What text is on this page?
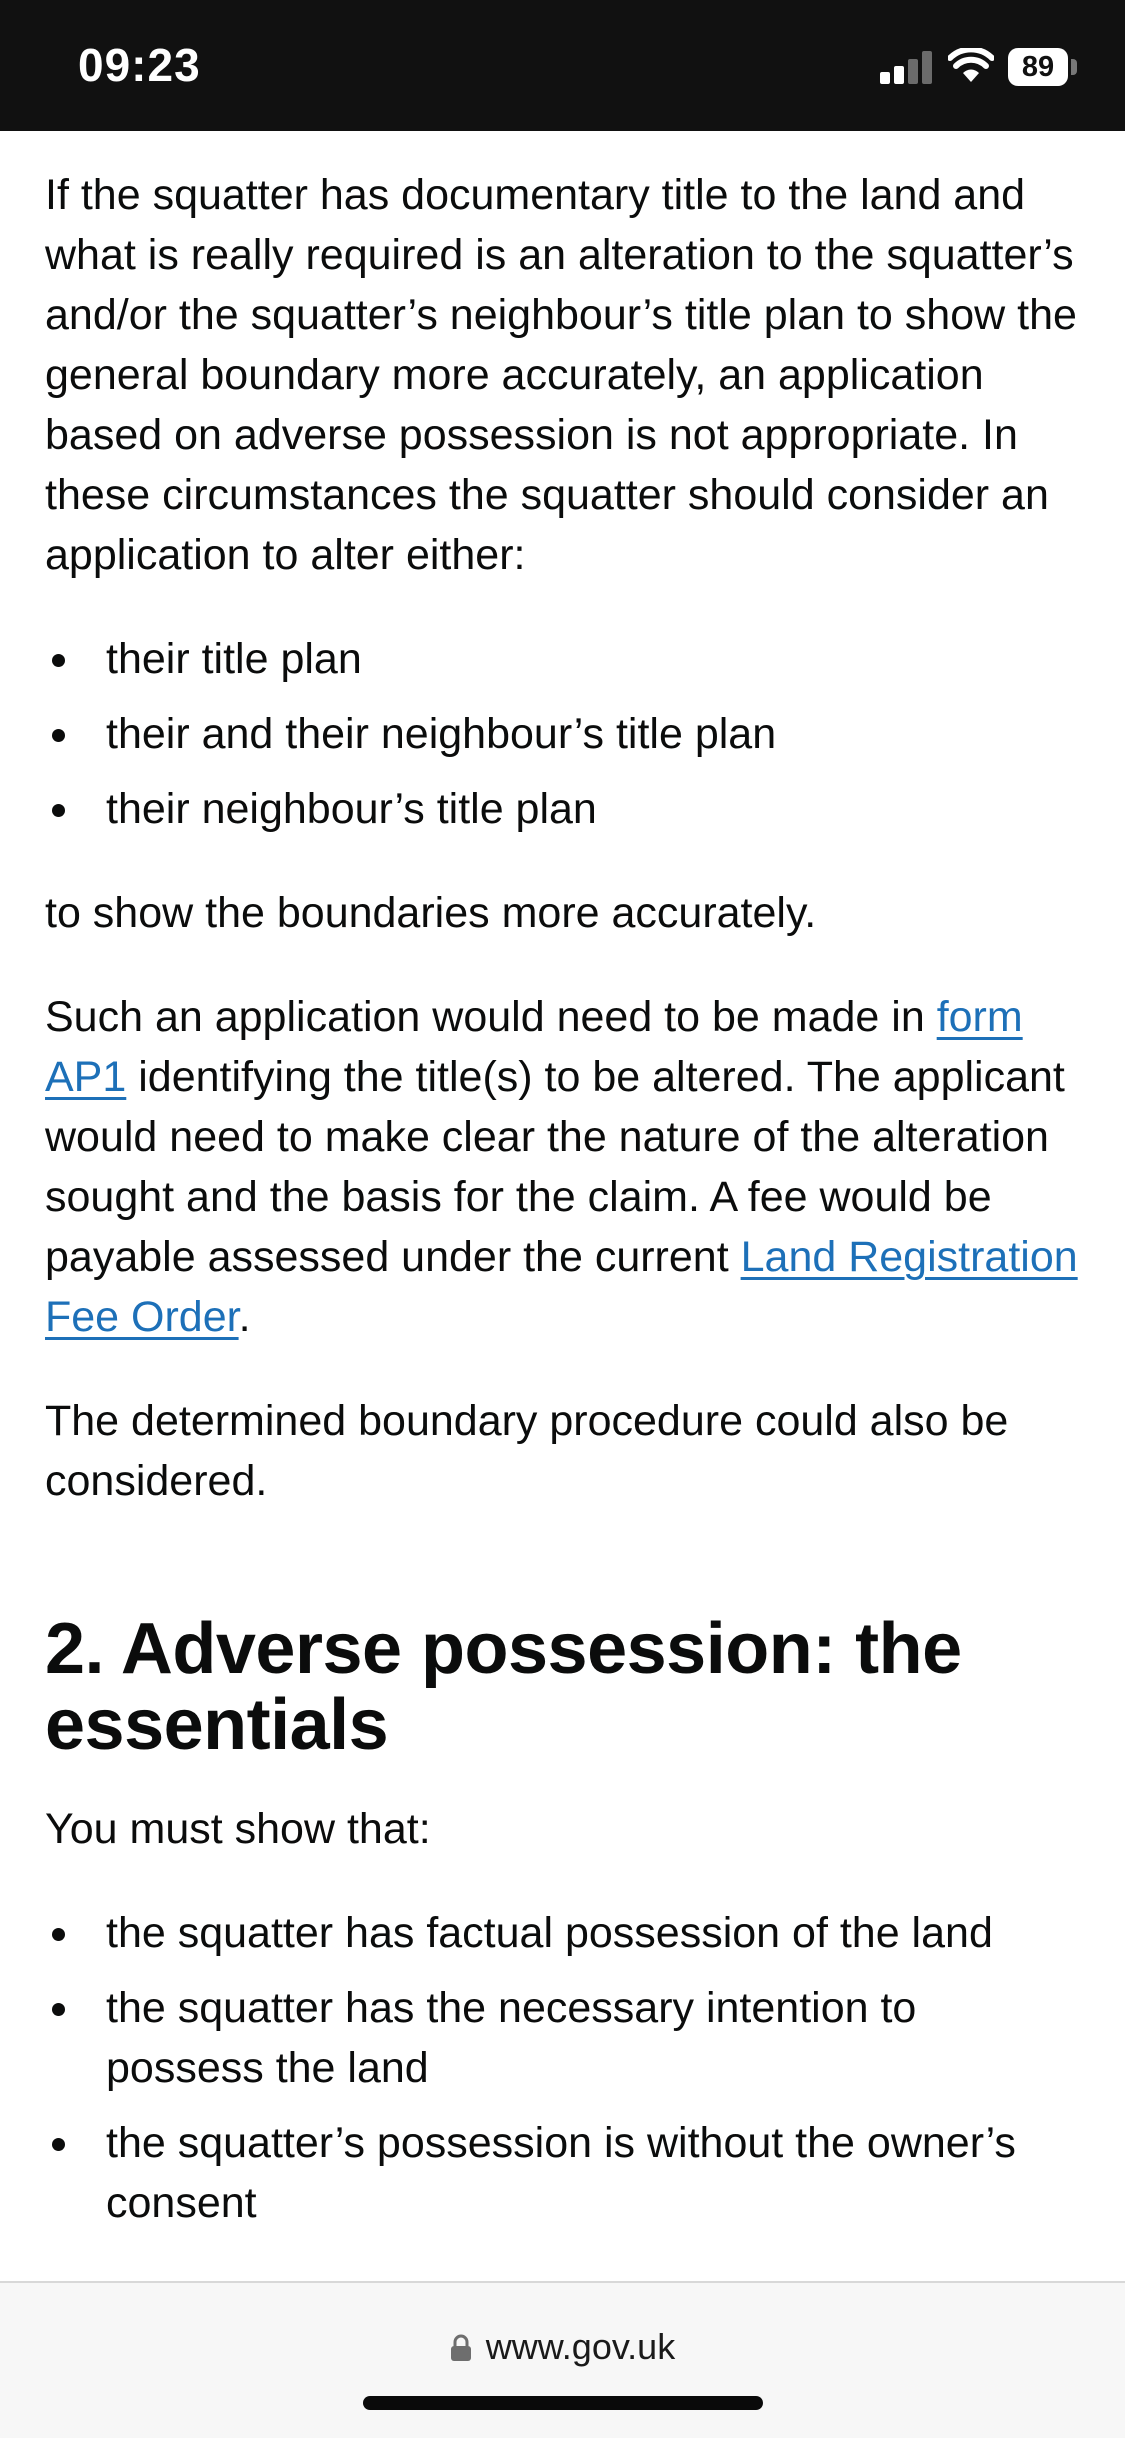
09:23	89

If the squatter has documentary title to the land and what is really required is an alteration to the squatter’s and/or the squatter’s neighbour’s title plan to show the general boundary more accurately, an application based on adverse possession is not appropriate. In these circumstances the squatter should consider an application to alter either:

their title plan
their and their neighbour’s title plan
their neighbour’s title plan

to show the boundaries more accurately.

Such an application would need to be made in form AP1 identifying the title(s) to be altered. The applicant would need to make clear the nature of the alteration sought and the basis for the claim. A fee would be payable assessed under the current Land Registration Fee Order.

The determined boundary procedure could also be considered.

2. Adverse possession: the essentials

You must show that:

the squatter has factual possession of the land
the squatter has the necessary intention to possess the land
the squatter’s possession is without the owner’s consent
www.gov.uk
